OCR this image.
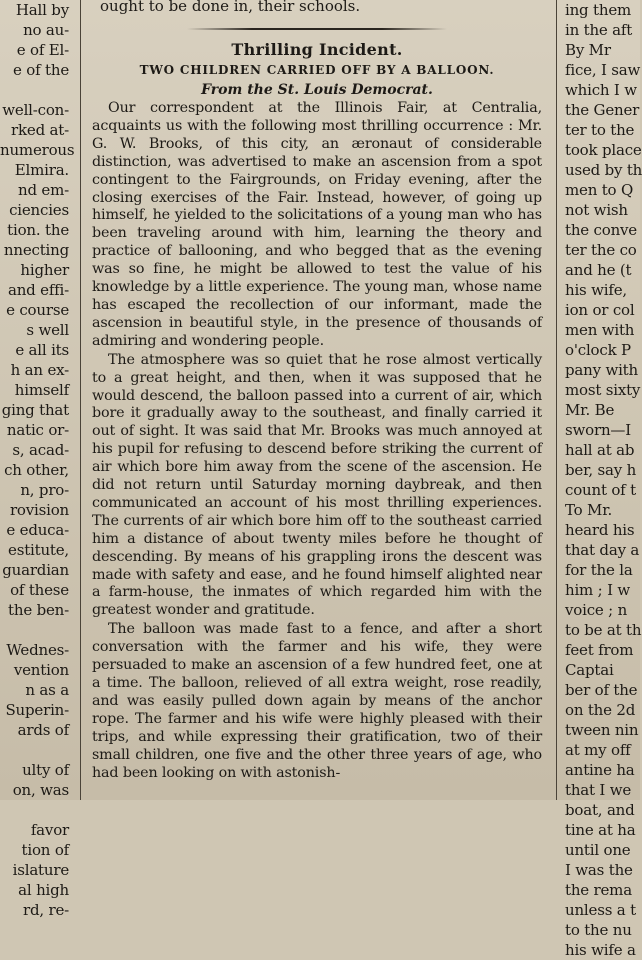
Hall by
no au-
e of El-
e of the

well-con-
rked at-
numerous
Elmira.
nd em-
ciencies
tion. the
nnecting
higher
and effi-
e course
s well
e all its
h an ex-
himself
ging that
natic or-
s, acad-
ch other,
n, pro-
rovision
e educa-
estitute,
guardian
of these
the ben-

Wednes-
vention
n as a
Superin-
ards of

ulty of
on, was

favor
tion of
islature
al high
rd, re-
ought to be done in, their schools.
Thrilling Incident.
TWO CHILDREN CARRIED OFF BY A BALLOON.
From the St. Louis Democrat.

Our correspondent at the Illinois Fair, at Centralia, acquaints us with the following most thrilling occurrence : Mr. G. W. Brooks, of this city, an æronaut of considerable distinction, was advertised to make an ascension from a spot contingent to the Fairgrounds, on Friday evening, after the closing exercises of the Fair. Instead, however, of going up himself, he yielded to the solicitations of a young man who has been traveling around with him, learning the theory and practice of ballooning, and who begged that as the evening was so fine, he might be allowed to test the value of his knowledge by a little experience. The young man, whose name has escaped the recollection of our informant, made the ascension in beautiful style, in the presence of thousands of admiring and wondering people.

The atmosphere was so quiet that he rose almost vertically to a great height, and then, when it was supposed that he would descend, the balloon passed into a current of air, which bore it gradually away to the southeast, and finally carried it out of sight. It was said that Mr. Brooks was much annoyed at his pupil for refusing to descend before striking the current of air which bore him away from the scene of the ascension. He did not return until Saturday morning daybreak, and then communicated an account of his most thrilling experiences. The currents of air which bore him off to the southeast carried him a distance of about twenty miles before he thought of descending. By means of his grappling irons the descent was made with safety and ease, and he found himself alighted near a farm-house, the inmates of which regarded him with the greatest wonder and gratitude.

The balloon was made fast to a fence, and after a short conversation with the farmer and his wife, they were persuaded to make an ascension of a few hundred feet, one at a time. The balloon, relieved of all extra weight, rose readily, and was easily pulled down again by means of the anchor rope. The farmer and his wife were highly pleased with their trips, and while expressing their gratification, two of their small children, one five and the other three years of age, who had been looking on with astonish-

ing them
in the aft
By Mr
fice, I saw
which I w
the Gener
ter to the
took place
used by th
men to Q
not wish
the conve
ter the co
and he (t
his wife,
ion or col
men with
o'clock P
pany with
most sixty
Mr. Be
sworn—I
hall at ab
ber, say h
count of t
To Mr.
heard his
that day a
for the la
him ; I w
voice ; n
to be at th
feet from
Captai
ber of the
on the 2d
tween nin
at my off
antine ha
that I we
boat, and
tine at ha
until one
I was the
the rema
unless a t
to the nu
his wife a
